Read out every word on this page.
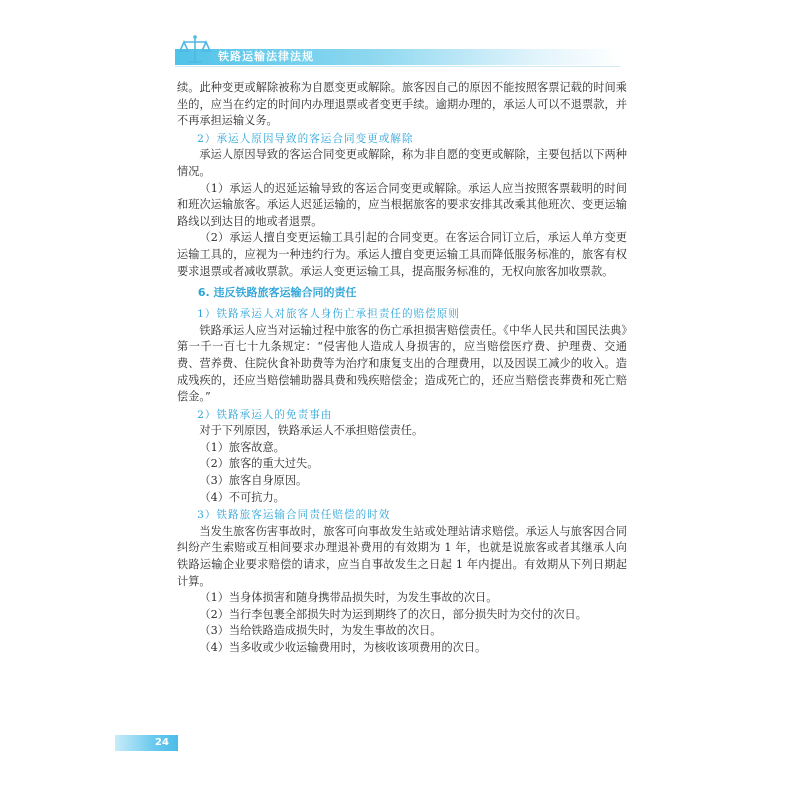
铁路运输法律法规

续。此种变更或解除被称为自愿变更或解除。旅客因自己的原因不能按照客票记载的时间乘坐的，应当在约定的时间内办理退票或者变更手续。逾期办理的，承运人可以不退票款，并不再承担运输义务。

2）承运人原因导致的客运合同变更或解除

承运人原因导致的客运合同变更或解除，称为非自愿的变更或解除，主要包括以下两种情况。

（1）承运人的迟延运输导致的客运合同变更或解除。承运人应当按照客票载明的时间和班次运输旅客。承运人迟延运输的，应当根据旅客的要求安排其改乘其他班次、变更运输路线以到达目的地或者退票。

（2）承运人擅自变更运输工具引起的合同变更。在客运合同订立后，承运人单方变更运输工具的，应视为一种违约行为。承运人擅自变更运输工具而降低服务标准的，旅客有权要求退票或者减收票款。承运人变更运输工具，提高服务标准的，无权向旅客加收票款。

6. 违反铁路旅客运输合同的责任
1）铁路承运人对旅客人身伤亡承担责任的赔偿原则

铁路承运人应当对运输过程中旅客的伤亡承担损害赔偿责任。《中华人民共和国民法典》第一千一百七十九条规定：“侵害他人造成人身损害的，应当赔偿医疗费、护理费、交通费、营养费、住院伙食补助费等为治疗和康复支出的合理费用，以及因误工减少的收入。造成残疾的，还应当赔偿辅助器具费和残疾赔偿金；造成死亡的，还应当赔偿丧葬费和死亡赔偿金。”

2）铁路承运人的免责事由

对于下列原因，铁路承运人不承担赔偿责任。

（1）旅客故意。

（2）旅客的重大过失。

（3）旅客自身原因。

（4）不可抗力。

3）铁路旅客运输合同责任赔偿的时效

当发生旅客伤害事故时，旅客可向事故发生站或处理站请求赔偿。承运人与旅客因合同纠纷产生索赔或互相间要求办理退补费用的有效期为 1 年，也就是说旅客或者其继承人向铁路运输企业要求赔偿的请求，应当自事故发生之日起 1 年内提出。有效期从下列日期起计算。

（1）当身体损害和随身携带品损失时，为发生事故的次日。

（2）当行李包裹全部损失时为运到期终了的次日，部分损失时为交付的次日。

（3）当给铁路造成损失时，为发生事故的次日。

（4）当多收或少收运输费用时，为核收该项费用的次日。

24
